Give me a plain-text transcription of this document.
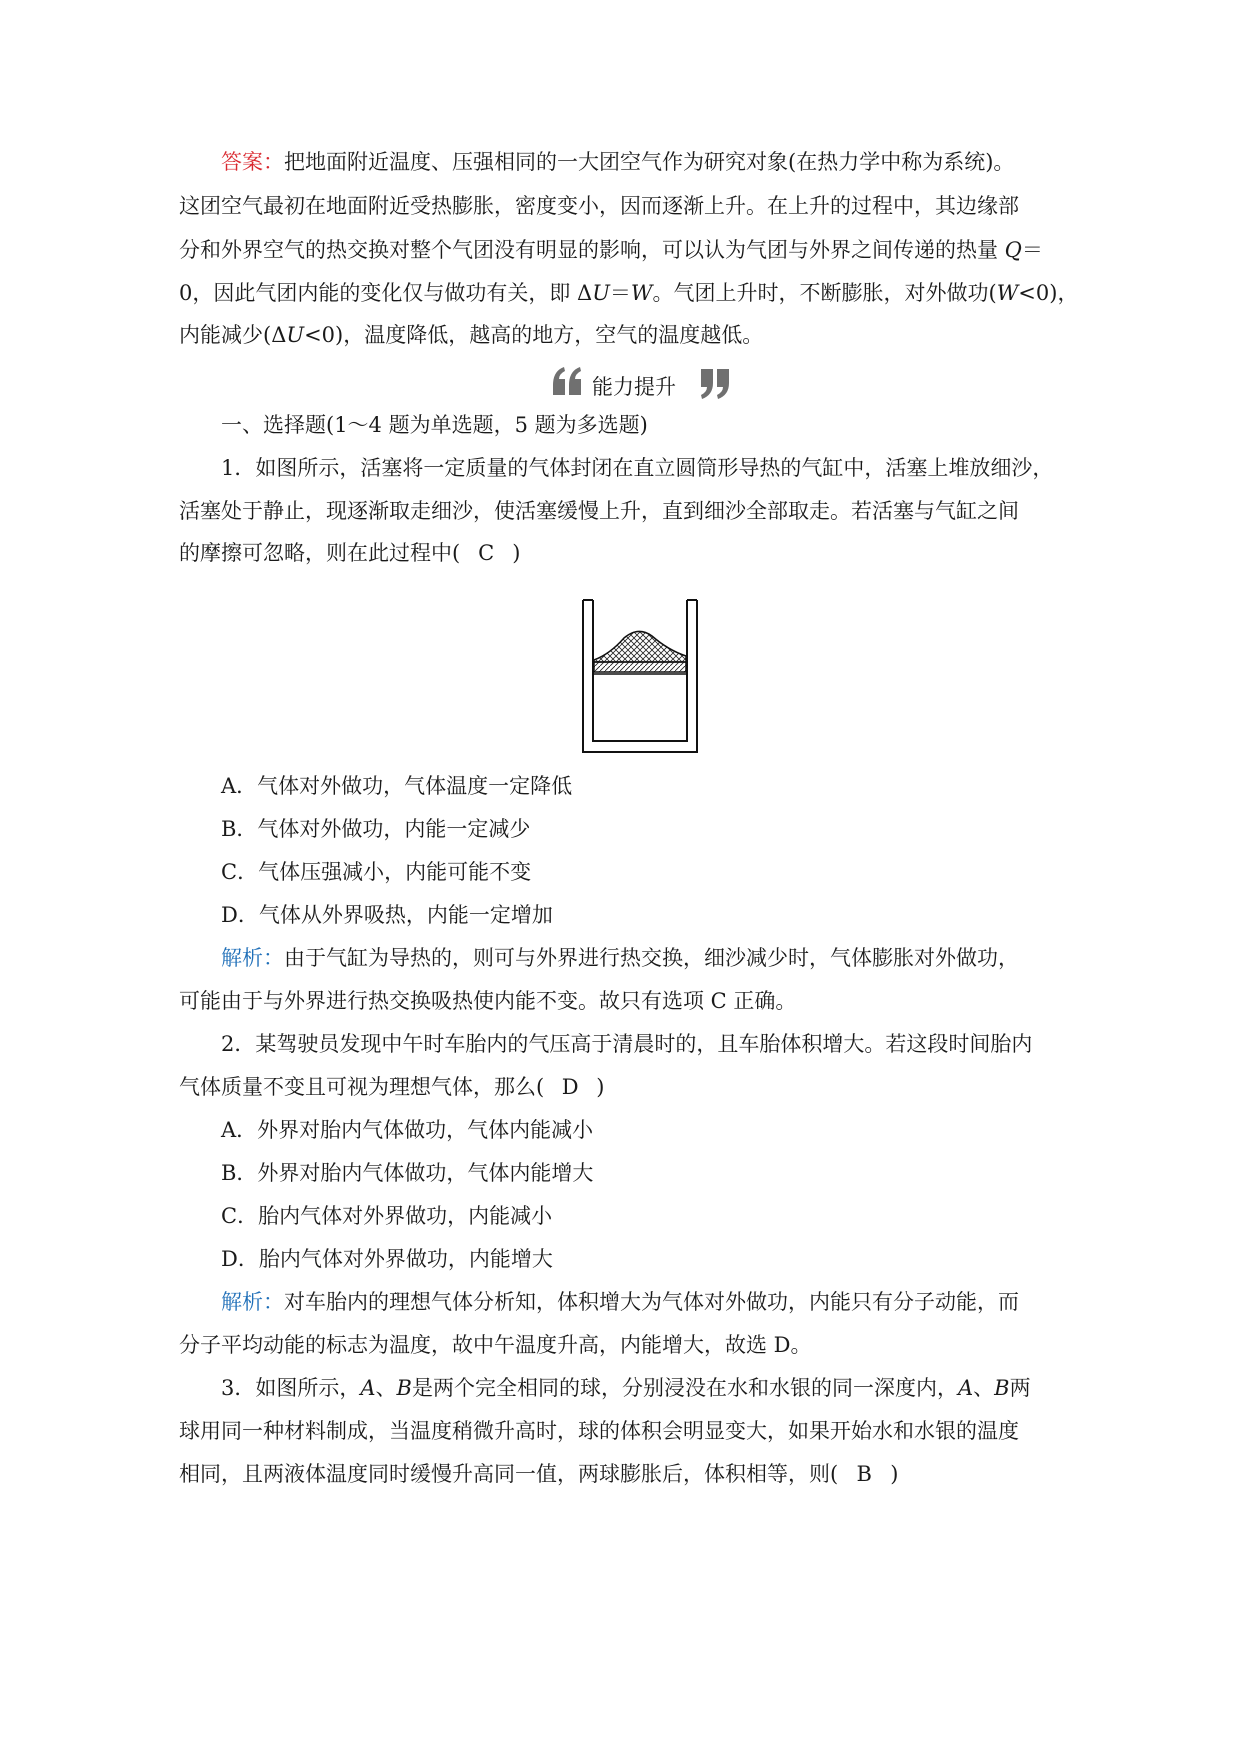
答案：把地面附近温度、压强相同的一大团空气作为研究对象(在热力学中称为系统)。
这团空气最初在地面附近受热膨胀，密度变小，因而逐渐上升。在上升的过程中，其边缘部
分和外界空气的热交换对整个气团没有明显的影响，可以认为气团与外界之间传递的热量 Q＝
0，因此气团内能的变化仅与做功有关，即 ΔU＝W。气团上升时，不断膨胀，对外做功(W<0)，
内能减少(ΔU<0)，温度降低，越高的地方，空气的温度越低。
能力提升
一、选择题(1～4 题为单选题，5 题为多选题)
1．如图所示，活塞将一定质量的气体封闭在直立圆筒形导热的气缸中，活塞上堆放细沙，
活塞处于静止，现逐渐取走细沙，使活塞缓慢上升，直到细沙全部取走。若活塞与气缸之间
的摩擦可忽略，则在此过程中( C )
A．气体对外做功，气体温度一定降低
B．气体对外做功，内能一定减少
C．气体压强减小，内能可能不变
D．气体从外界吸热，内能一定增加
解析：由于气缸为导热的，则可与外界进行热交换，细沙减少时，气体膨胀对外做功，
可能由于与外界进行热交换吸热使内能不变。故只有选项 C 正确。
2．某驾驶员发现中午时车胎内的气压高于清晨时的，且车胎体积增大。若这段时间胎内
气体质量不变且可视为理想气体，那么( D )
A．外界对胎内气体做功，气体内能减小
B．外界对胎内气体做功，气体内能增大
C．胎内气体对外界做功，内能减小
D．胎内气体对外界做功，内能增大
解析：对车胎内的理想气体分析知，体积增大为气体对外做功，内能只有分子动能，而
分子平均动能的标志为温度，故中午温度升高，内能增大，故选 D。
3．如图所示，A、B是两个完全相同的球，分别浸没在水和水银的同一深度内，A、B两
球用同一种材料制成，当温度稍微升高时，球的体积会明显变大，如果开始水和水银的温度
相同，且两液体温度同时缓慢升高同一值，两球膨胀后，体积相等，则( B )
